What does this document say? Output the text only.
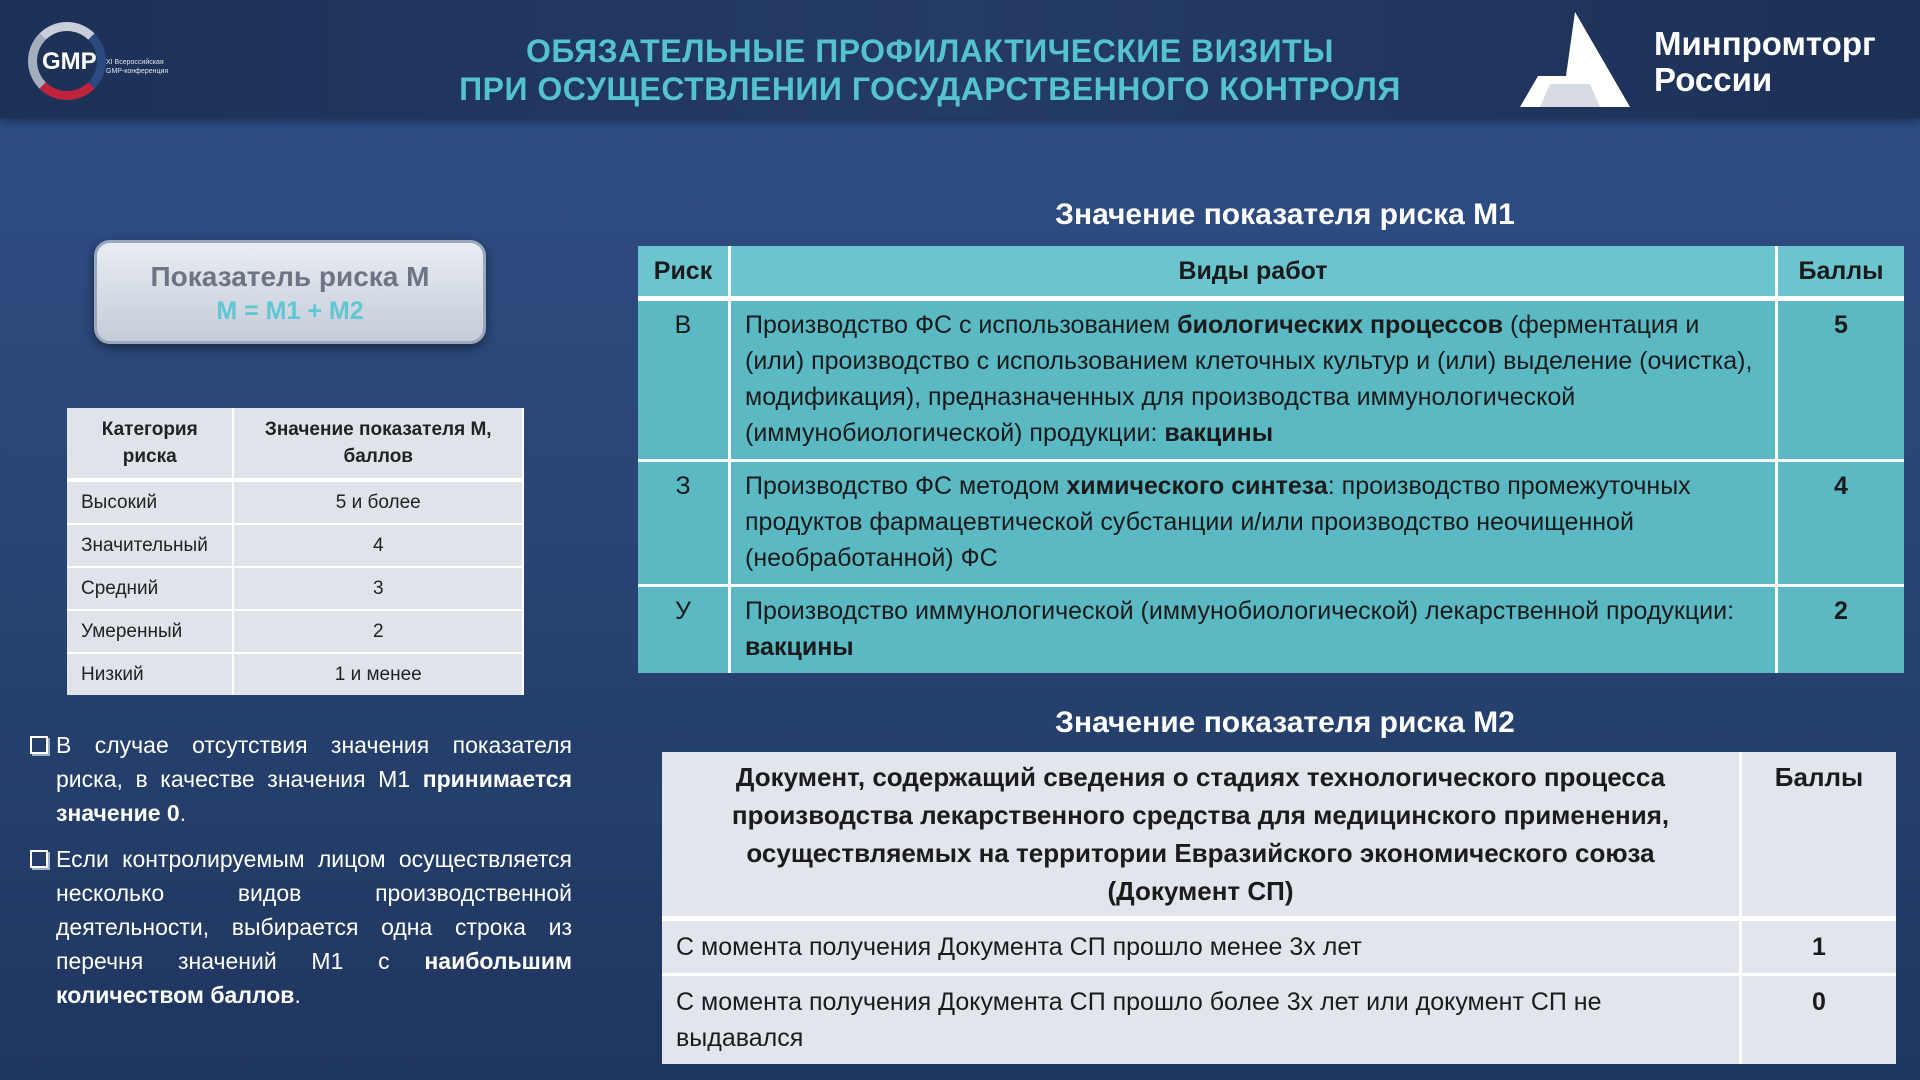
GMP XI Всероссийская GMP-конференция
ОБЯЗАТЕЛЬНЫЕ ПРОФИЛАКТИЧЕСКИЕ ВИЗИТЫ
ПРИ ОСУЩЕСТВЛЕНИИ ГОСУДАРСТВЕННОГО КОНТРОЛЯ
Минпромторг
России
Показатель риска М
М = М1 + М2
Категория риска	Значение показателя М, баллов
Высокий	5 и более
Значительный	4
Средний	3
Умеренный	2
Низкий	1 и менее
В случае отсутствия значения показателя риска, в качестве значения М1 принимается значение 0.
Если контролируемым лицом осуществляется несколько видов производственной деятельности, выбирается одна строка из перечня значений М1 с наибольшим количеством баллов.
Значение показателя риска М1
Риск	Виды работ	Баллы
В	Производство ФС с использованием биологических процессов (ферментация и (или) производство с использованием клеточных культур и (или) выделение (очистка), модификация), предназначенных для производства иммунологической (иммунобиологической) продукции: вакцины	5
З	Производство ФС методом химического синтеза: производство промежуточных продуктов фармацевтической субстанции и/или производство неочищенной (необработанной) ФС	4
У	Производство иммунологической (иммунобиологической) лекарственной продукции: вакцины	2
Значение показателя риска М2
Документ, содержащий сведения о стадиях технологического процесса производства лекарственного средства для медицинского применения, осуществляемых на территории Евразийского экономического союза (Документ СП)	Баллы
С момента получения Документа СП прошло менее 3х лет	1
С момента получения Документа СП прошло более 3х лет или документ СП не выдавался	0
